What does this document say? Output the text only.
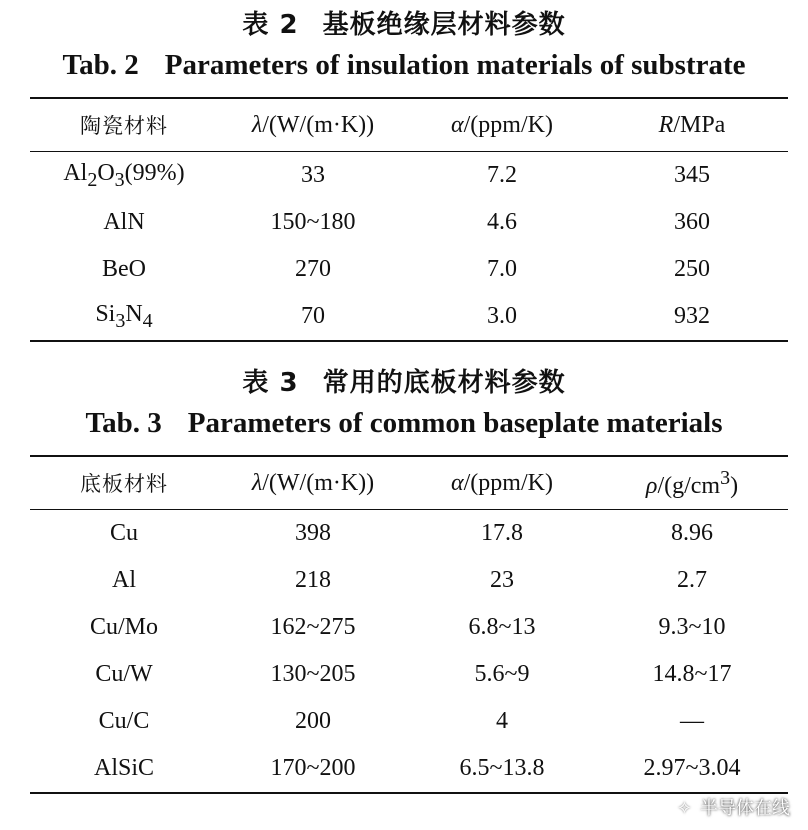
表 2 基板绝缘层材料参数
Tab. 2 Parameters of insulation materials of substrate
陶瓷材料	λ/(W/(m·K))	α/(ppm/K)	R/MPa
$Al_2O_3(99\%)$	33	7.2	345
AlN	150~180	4.6	360
BeO	270	7.0	250
$Si_3N_4$	70	3.0	932
表 3 常用的底板材料参数
Tab. 3 Parameters of common baseplate materials
底板材料	λ/(W/(m·K))	α/(ppm/K)	$\rho/(g/cm^3)$
Cu	398	17.8	8.96
Al	218	23	2.7
Cu/Mo	162~275	6.8~13	9.3~10
Cu/W	130~205	5.6~9	14.8~17
Cu/C	200	4	—
AlSiC	170~200	6.5~13.8	2.97~3.04
✧ 半导体在线
